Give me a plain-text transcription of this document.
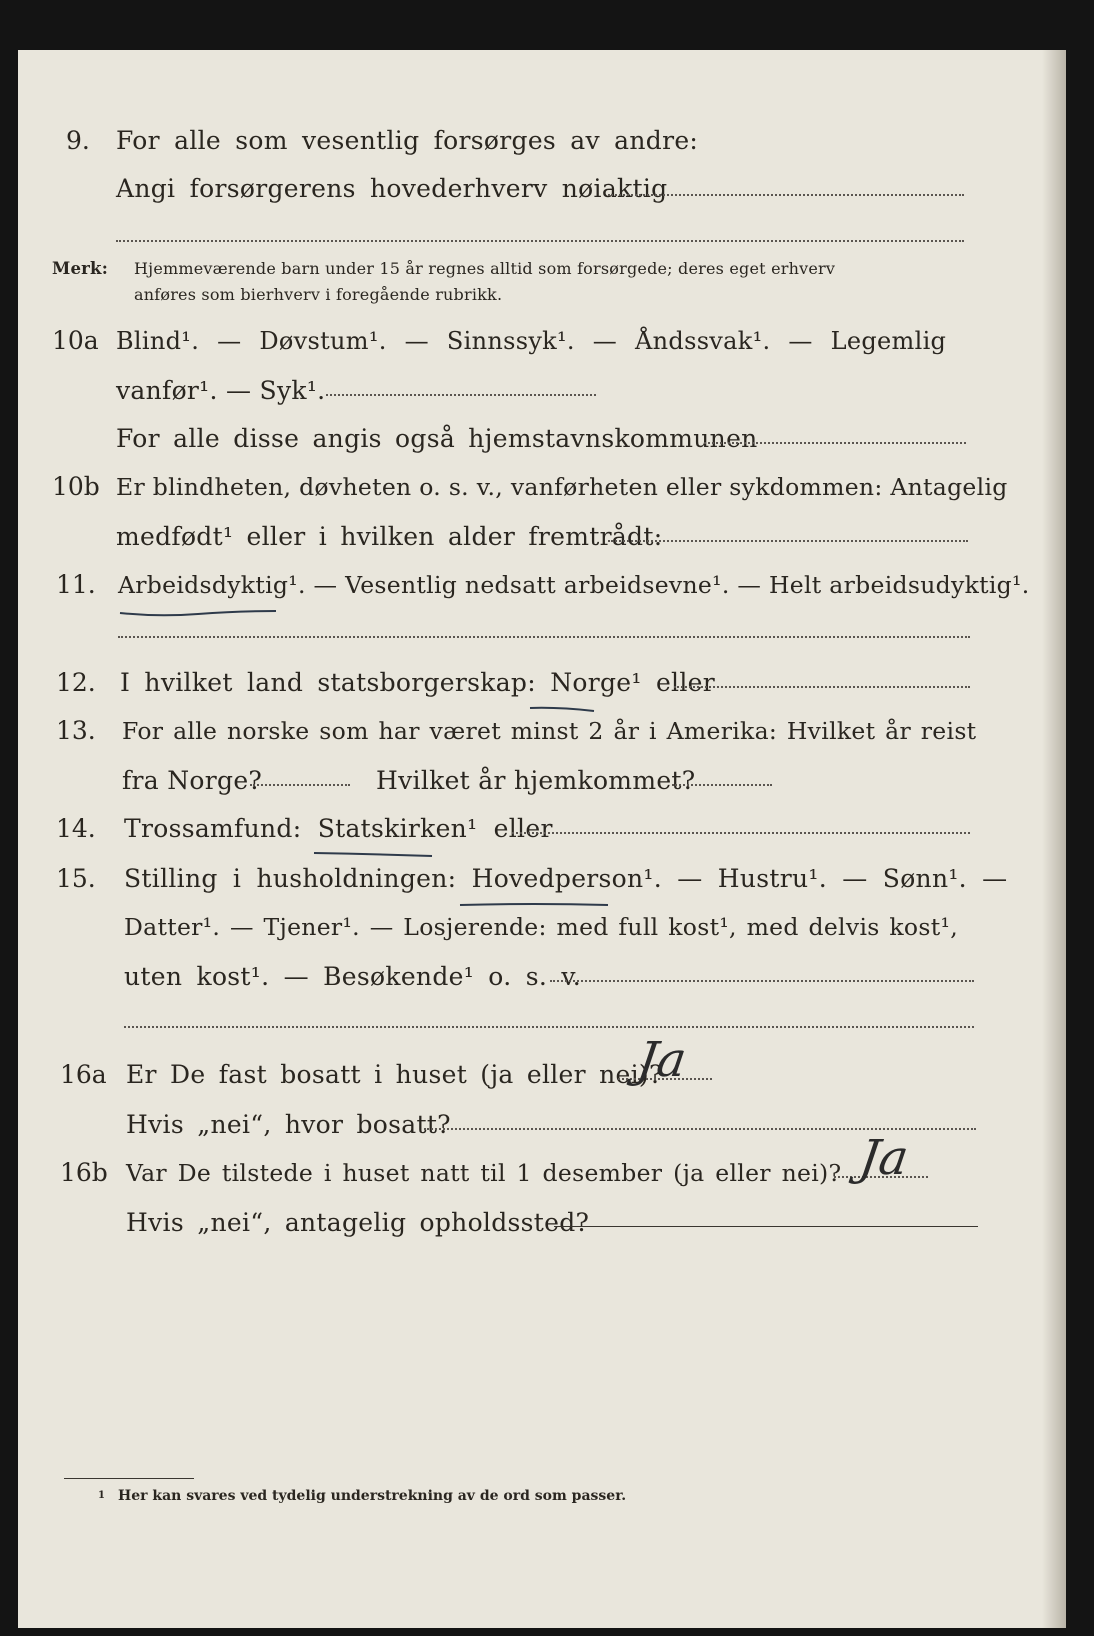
9. For alle som vesentlig forsørges av andre:
Angi forsørgerens hovederhverv nøiaktig
Merk: Hjemmeværende barn under 15 år regnes alltid som forsørgede; deres eget erhverv
anføres som bierhverv i foregående rubrikk.
10a Blind¹. — Døvstum¹. — Sinnssyk¹. — Åndssvak¹. — Legemlig
vanfør¹. — Syk¹.
For alle disse angis også hjemstavnskommunen
10b Er blindheten, døvheten o. s. v., vanførheten eller sykdommen: Antagelig
medfødt¹ eller i hvilken alder fremtrådt:
11. Arbeidsdyktig¹. — Vesentlig nedsatt arbeidsevne¹. — Helt arbeidsudyktig¹.
12. I hvilket land statsborgerskap: Norge¹ eller
13. For alle norske som har været minst 2 år i Amerika: Hvilket år reist
fra Norge?	Hvilket år hjemkommet?
14. Trossamfund: Statskirken¹ eller
15. Stilling i husholdningen: Hovedperson¹. — Hustru¹. — Sønn¹. —
Datter¹. — Tjener¹. — Losjerende: med full kost¹, med delvis kost¹,
uten kost¹. — Besøkende¹ o. s. v.
16a Er De fast bosatt i huset (ja eller nei)?
Ja
Hvis „nei“, hvor bosatt?
16b Var De tilstede i huset natt til 1 desember (ja eller nei)? Ja
Hvis „nei“, antagelig opholdssted?
1 Her kan svares ved tydelig understrekning av de ord som passer.
